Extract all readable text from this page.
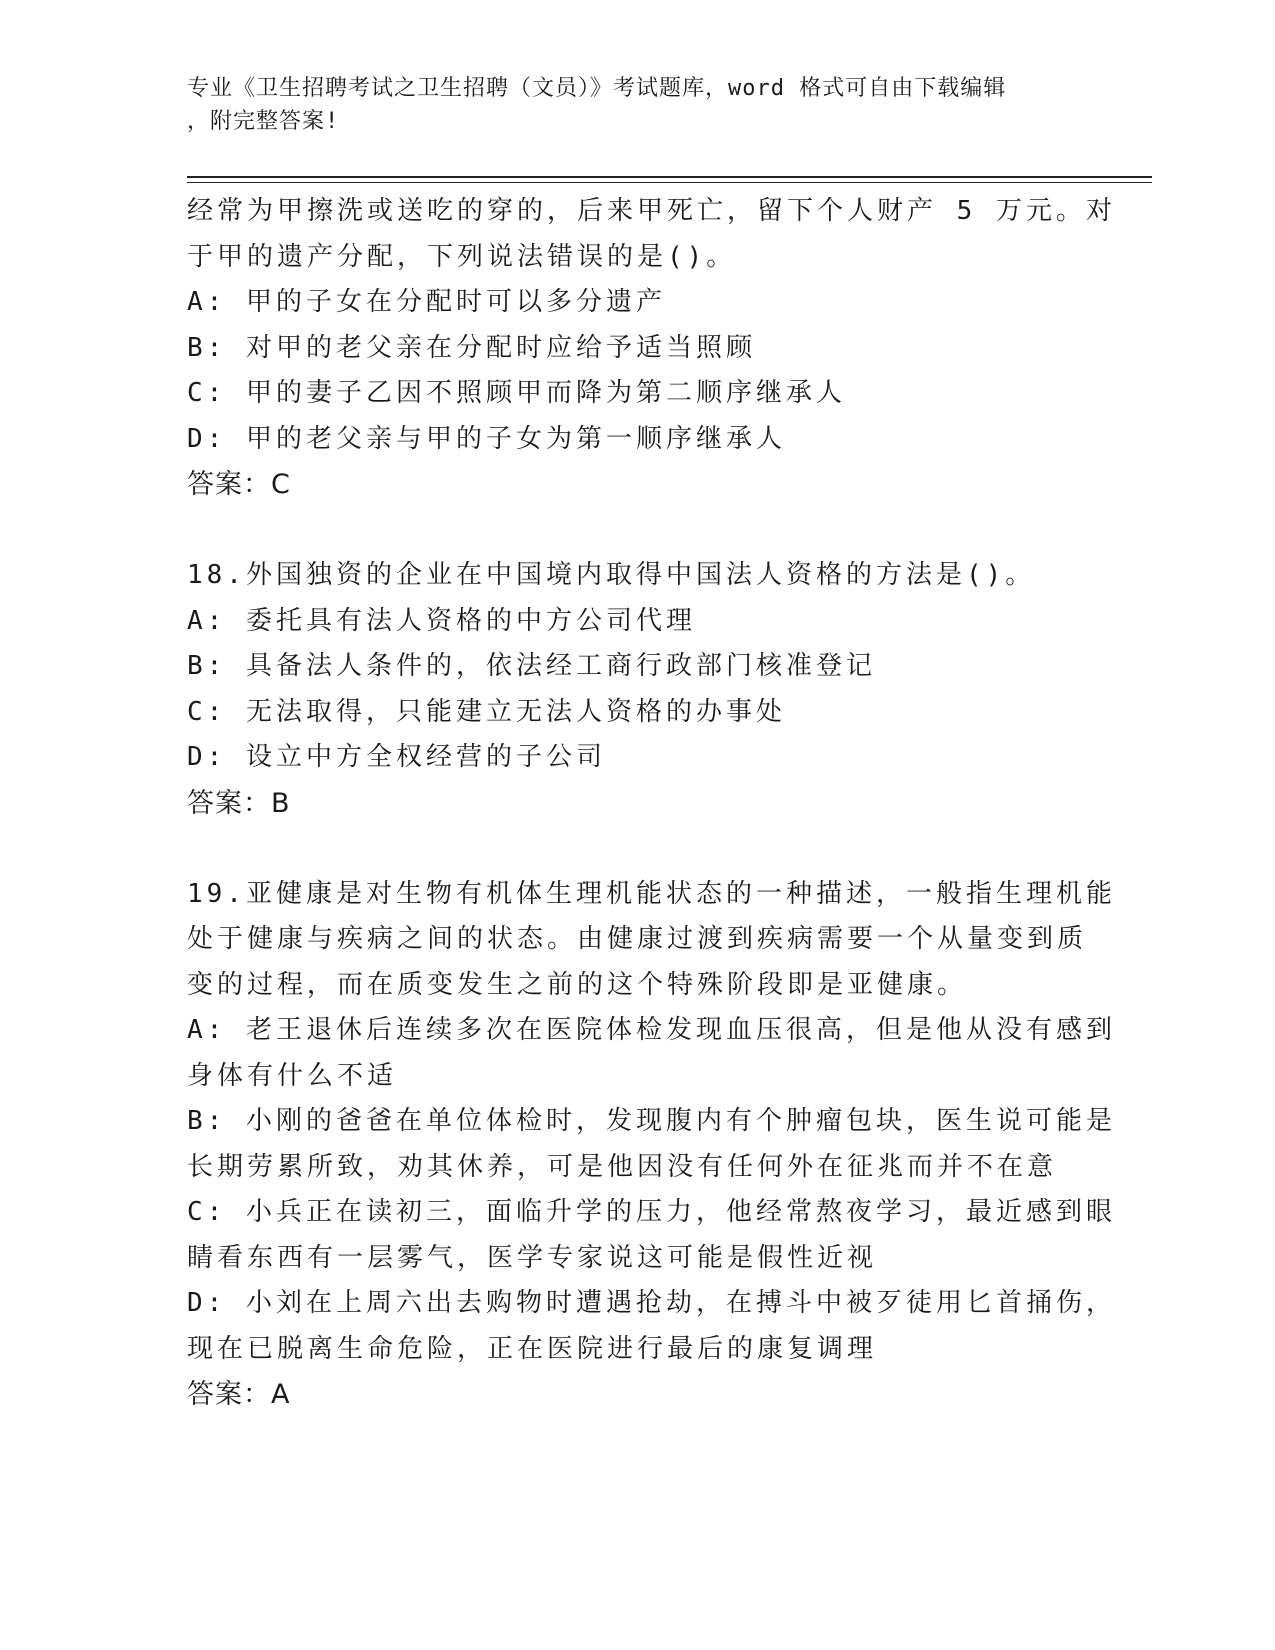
专业《卫生招聘考试之卫生招聘（文员）》考试题库，word 格式可自由下载编辑
，附完整答案!
经常为甲擦洗或送吃的穿的，后来甲死亡，留下个人财产 5 万元。对
于甲的遗产分配，下列说法错误的是()。
A: 甲的子女在分配时可以多分遗产
B: 对甲的老父亲在分配时应给予适当照顾
C: 甲的妻子乙因不照顾甲而降为第二顺序继承人
D: 甲的老父亲与甲的子女为第一顺序继承人
答案：C
18.外国独资的企业在中国境内取得中国法人资格的方法是()。
A: 委托具有法人资格的中方公司代理
B: 具备法人条件的，依法经工商行政部门核准登记
C: 无法取得，只能建立无法人资格的办事处
D: 设立中方全权经营的子公司
答案：B
19.亚健康是对生物有机体生理机能状态的一种描述，一般指生理机能
处于健康与疾病之间的状态。由健康过渡到疾病需要一个从量变到质
变的过程，而在质变发生之前的这个特殊阶段即是亚健康。
A: 老王退休后连续多次在医院体检发现血压很高，但是他从没有感到
身体有什么不适
B: 小刚的爸爸在单位体检时，发现腹内有个肿瘤包块，医生说可能是
长期劳累所致，劝其休养，可是他因没有任何外在征兆而并不在意
C: 小兵正在读初三，面临升学的压力，他经常熬夜学习，最近感到眼
睛看东西有一层雾气，医学专家说这可能是假性近视
D: 小刘在上周六出去购物时遭遇抢劫，在搏斗中被歹徒用匕首捅伤，
现在已脱离生命危险，正在医院进行最后的康复调理
答案：A
